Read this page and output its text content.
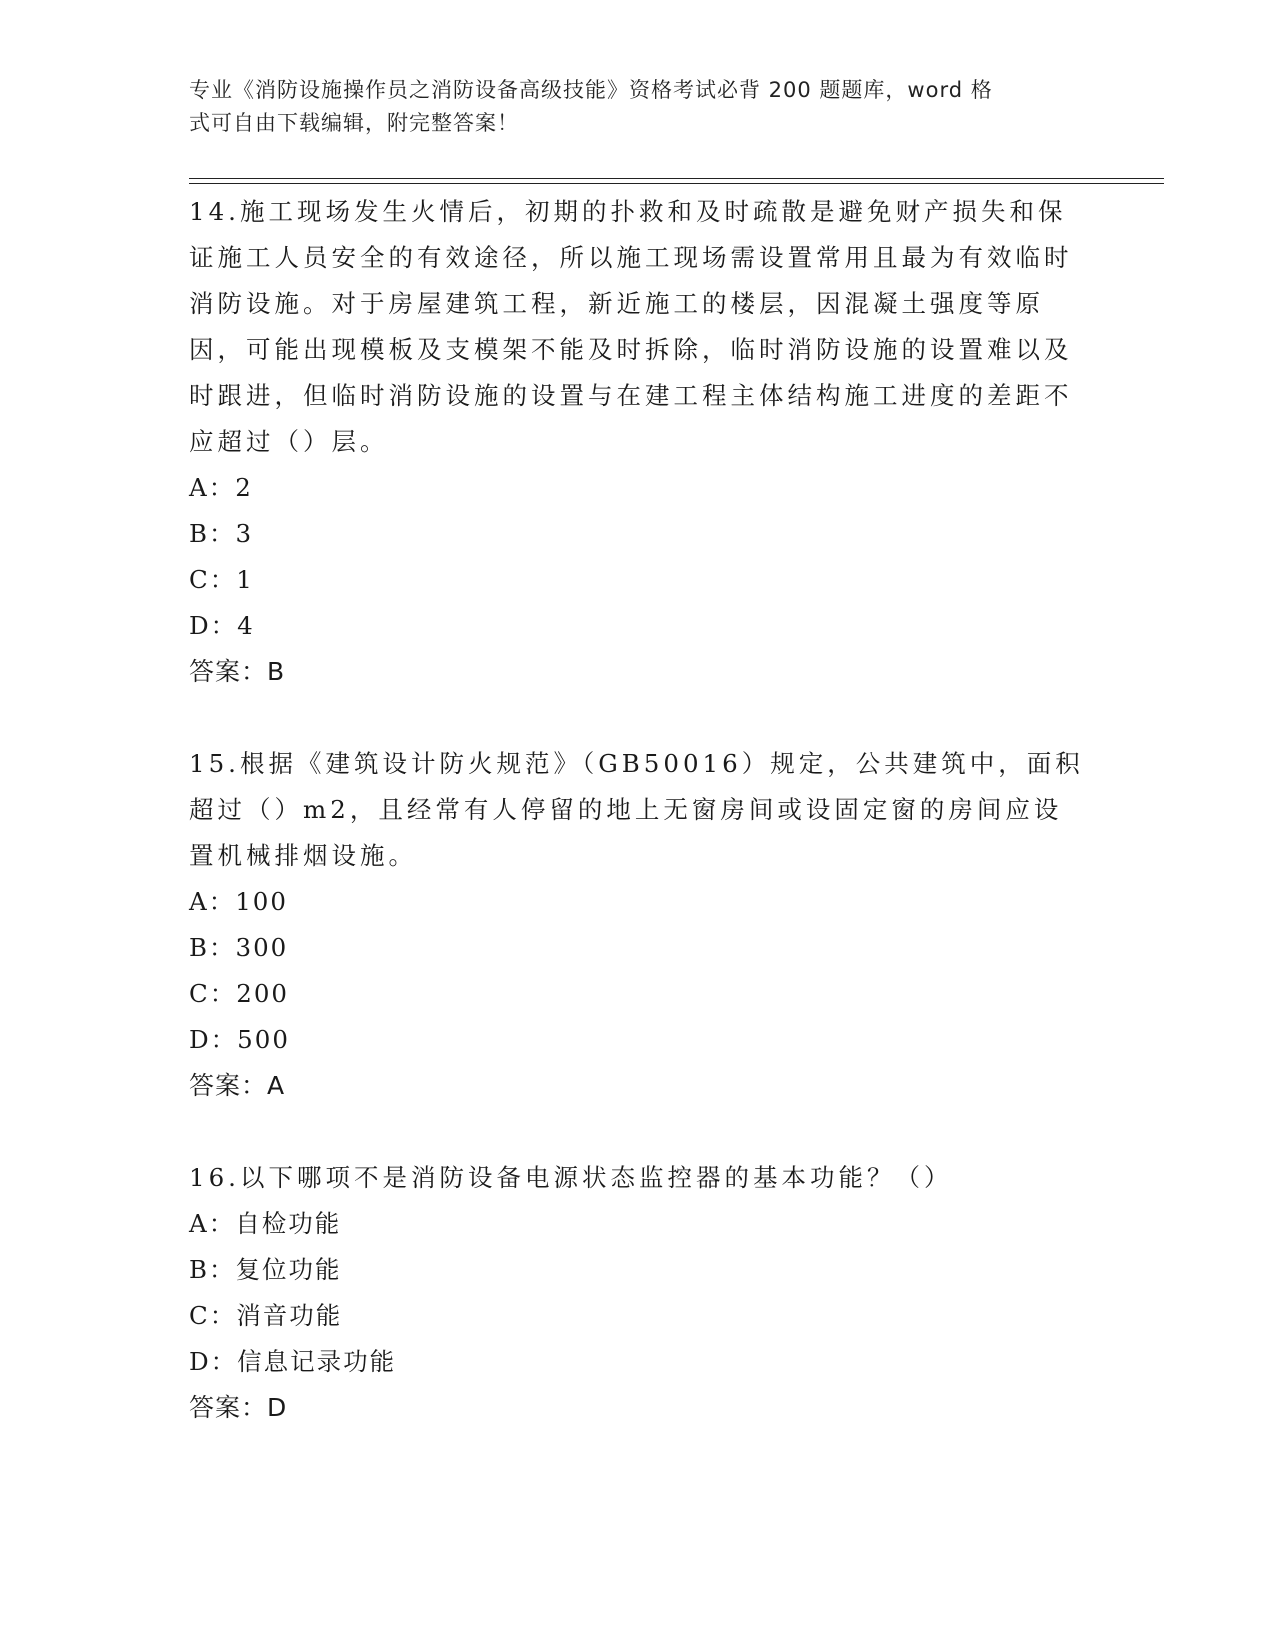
专业《消防设施操作员之消防设备高级技能》资格考试必背 200 题题库，word 格
式可自由下载编辑，附完整答案！

14.施工现场发生火情后，初期的扑救和及时疏散是避免财产损失和保证施工人员安全的有效途径，所以施工现场需设置常用且最为有效临时消防设施。对于房屋建筑工程，新近施工的楼层，因混凝土强度等原因，可能出现模板及支模架不能及时拆除，临时消防设施的设置难以及时跟进，但临时消防设施的设置与在建工程主体结构施工进度的差距不应超过（）层。

A：2

B：3

C：1

D：4

答案：B

15.根据《建筑设计防火规范》（GB50016）规定，公共建筑中，面积超过（）m2，且经常有人停留的地上无窗房间或设固定窗的房间应设置机械排烟设施。

A：100

B：300

C：200

D：500

答案：A

16.以下哪项不是消防设备电源状态监控器的基本功能？（）

A：自检功能

B：复位功能

C：消音功能

D：信息记录功能

答案：D
